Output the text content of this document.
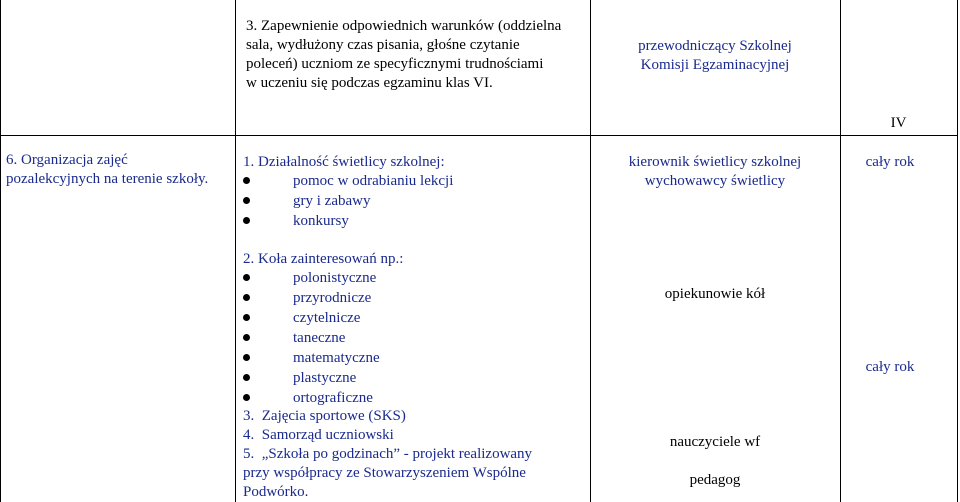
3. Zapewnienie odpowiednich warunków (oddzielna
sala, wydłużony czas pisania, głośne czytanie
poleceń) uczniom ze specyficznymi trudnościami
w uczeniu się podczas egzaminu klas VI.
przewodniczący Szkolnej
Komisji Egzaminacyjnej
IV
6. Organizacja zajęć
pozalekcyjnych na terenie szkoły.
1. Działalność świetlicy szkolnej:
pomoc w odrabianiu lekcji
gry i zabawy
konkursy
2. Koła zainteresowań np.:
polonistyczne
przyrodnicze
czytelnicze
taneczne
matematyczne
plastyczne
ortograficzne
3.  Zajęcia sportowe (SKS)
4.  Samorząd uczniowski
5.  „Szkoła po godzinach” - projekt realizowany
przy współpracy ze Stowarzyszeniem Wspólne
Podwórko.
kierownik świetlicy szkolnej
wychowawcy świetlicy
opiekunowie kół
nauczyciele wf
pedagog
cały rok
cały rok
